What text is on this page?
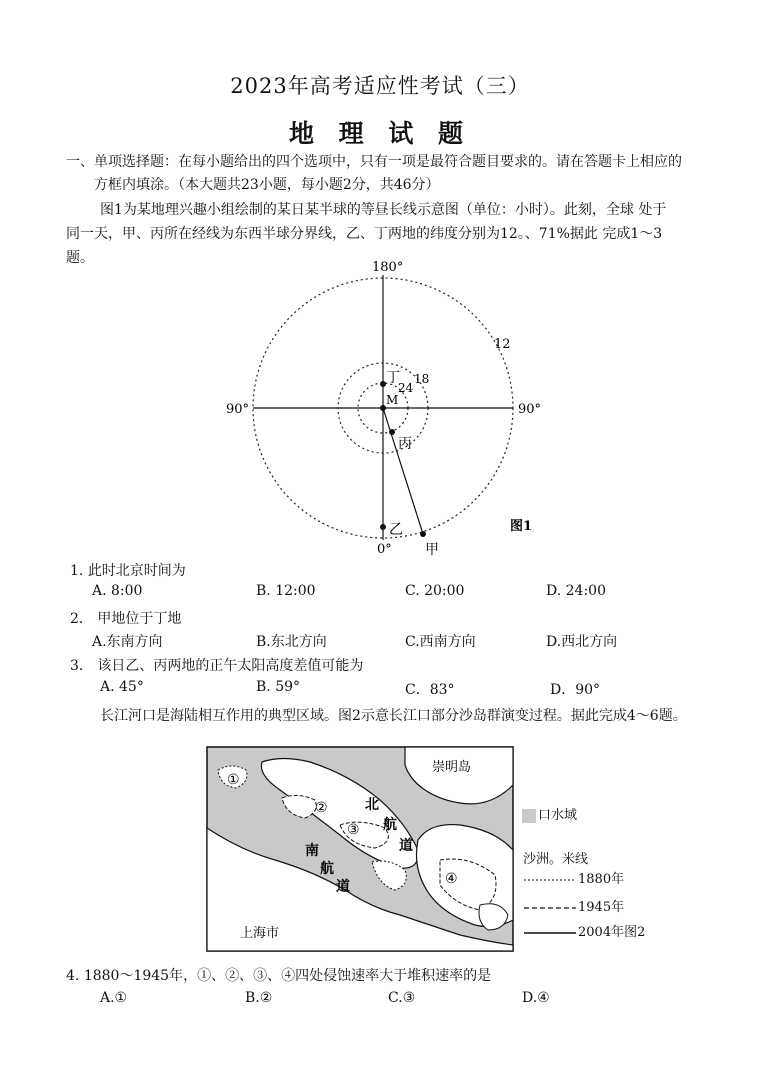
2023年高考适应性考试（三）
地 理 试 题
一、单项选择题：在每小题给出的四个选项中，只有一项是最符合题目要求的。请在答题卡上相应的
方框内填涂。（本大题共23小题，每小题2分，共46分）
图1为某地理兴趣小组绘制的某日某半球的等昼长线示意图（单位：小时）。此刻，全球 处于
同一天，甲、丙所在经线为东西半球分界线，乙、丁两地的纬度分别为12。、71%据此 完成1〜3
题。
180°
0°
90°	90°
12
18
24
M
丁
丙
乙
甲
图1
1. 此时北京时间为
A. 8:00	B. 12:00	C. 20:00	D. 24:00
2． 甲地位于丁地
A.东南方向	B.东北方向	C.西南方向	D.西北方向
3． 该日乙、丙两地的正午太阳高度差值可能为
A. 45°	B. 59°	C．83°	D．90°
长江河口是海陆相互作用的典型区域。图2示意长江口部分沙岛群演变过程。据此完成4〜6题。
崇明岛
北
航
道
南
航
道
上海市
①
②
③
④
口水域
沙洲。米线
1880年
1945年
2004年图2
4. 1880〜1945年，①、②、③、④四处侵蚀速率大于堆积速率的是
A.①	B.②	C.③	D.④
